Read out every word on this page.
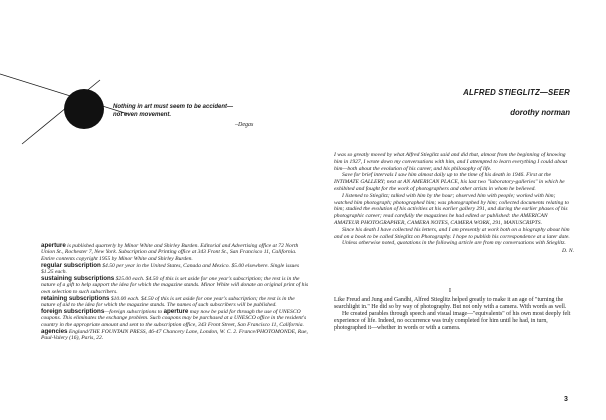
Nothing in art must seem to be accident—
not even movement.
–Degas

aperture is published quarterly by Minor White and Shirley Burden. Editorial and Advertising office at 72 North Union St., Rochester 7, New York. Subscription and Printing office at 343 Front St., San Francisco 11, California. Entire contents copyright 1955 by Minor White and Shirley Burden.

regular subscription $4.50 per year in the United States, Canada and Mexico. $5.00 elsewhere. Single issues $1.25 each.

sustaining subscriptions $25.00 each. $4.50 of this is set aside for one year's subscription; the rest is in the nature of a gift to help support the idea for which the magazine stands. Minor White will donate an original print of his own selection to such subscribers.

retaining subscriptions $10.00 each. $4.50 of this is set aside for one year's subscription; the rest is in the nature of aid to the idea for which the magazine stands. The names of such subscribers will be published.

foreign subscriptions—foreign subscriptions to aperture may now be paid for through the use of UNESCO coupons. This eliminates the exchange problem. Such coupons may be purchased at a UNESCO office in the resident's country in the appropriate amount and sent to the subscription office, 343 Front Street, San Francisco 11, California.

agencies England/THE FOUNTAIN PRESS, 46-47 Chancery Lane, London, W. C. 2. France/PHOTOMONDE, Rue, Paul-Valery (16), Paris, 22.

ALFRED STIEGLITZ—SEER
dorothy norman

I was so greatly moved by what Alfred Stieglitz said and did that, almost from the beginning of knowing him in 1927, I wrote down my conversations with him, and I attempted to learn everything I could about him—both about the evolution of his career, and his philosophy of life.

Save for brief intervals I saw him almost daily up to the time of his death in 1946. First at the INTIMATE GALLERY; next at AN AMERICAN PLACE, his last two "laboratory-galleries" in which he exhibited and fought for the work of photographers and other artists in whom he believed.

I listened to Stieglitz; talked with him by the hour; observed him with people; worked with him; watched him photograph; photographed him; was photographed by him; collected documents relating to him; studied the evolution of his activities at his earlier gallery 291, and during the earlier phases of his photographic career; read carefully the magazines he had edited or published: the AMERICAN AMATEUR PHOTOGRAPHER, CAMERA NOTES, CAMERA WORK, 291, MANUSCRIPTS.

Since his death I have collected his letters, and I am presently at work both on a biography about him and on a book to be called Stieglitz on Photography. I hope to publish his correspondence at a later date.

Unless otherwise noted, quotations in the following article are from my conversations with Stieglitz.

D. N.

I

Like Freud and Jung and Gandhi, Alfred Stieglitz helped greatly to make it an age of "turning the searchlight in." He did so by way of photography. But not only with a camera. With words as well.

He created parables through speech and visual image—"equivalents" of his own most deeply felt experience of life. Indeed, no occurrence was truly completed for him until he had, in turn, photographed it—whether in words or with a camera.

3
